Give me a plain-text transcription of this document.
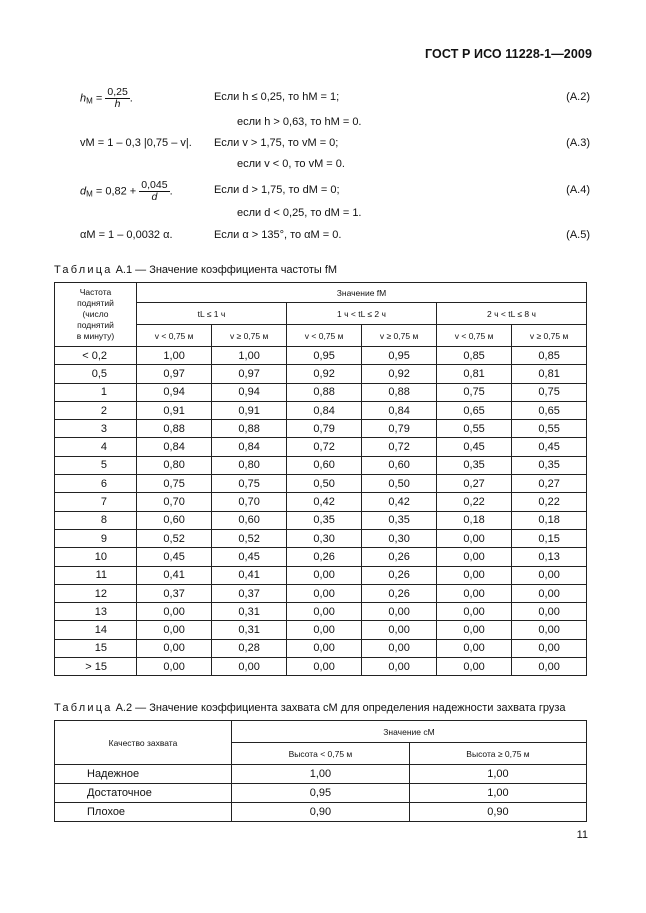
ГОСТ Р ИСО 11228-1—2009
$h_M = \frac{0,25}{h}$ .	Если h ≤ 0,25, то hM = 1;	(А.2)
если h > 0,63, то hM = 0.
vM = 1 – 0,3 |0,75 – v|. Если v > 1,75, то vM = 0;	(А.3)
если v < 0, то vM = 0.
$d_M = 0,82 + \frac{0,045}{d}$ .	Если d > 1,75, то dM = 0;	(А.4)
если d < 0,25, то dM = 1.
αM = 1 – 0,0032 α.	Если α > 135°, то αM = 0.	(А.5)
Таблица А.1 — Значение коэффициента частоты fM
Частота
поднятий
(число
поднятий
в минуту)	Значение fM					
	tL ≤ 1 ч		1 ч < tL ≤ 2 ч		2 ч < tL ≤ 8 ч	
	v < 0,75 м	v ≥ 0,75 м	v < 0,75 м	v ≥ 0,75 м	v < 0,75 м	v ≥ 0,75 м
< 0,2	1,00	1,00	0,95	0,95	0,85	0,85
0,5	0,97	0,97	0,92	0,92	0,81	0,81
1	0,94	0,94	0,88	0,88	0,75	0,75
2	0,91	0,91	0,84	0,84	0,65	0,65
3	0,88	0,88	0,79	0,79	0,55	0,55
4	0,84	0,84	0,72	0,72	0,45	0,45
5	0,80	0,80	0,60	0,60	0,35	0,35
6	0,75	0,75	0,50	0,50	0,27	0,27
7	0,70	0,70	0,42	0,42	0,22	0,22
8	0,60	0,60	0,35	0,35	0,18	0,18
9	0,52	0,52	0,30	0,30	0,00	0,15
10	0,45	0,45	0,26	0,26	0,00	0,13
11	0,41	0,41	0,00	0,26	0,00	0,00
12	0,37	0,37	0,00	0,26	0,00	0,00
13	0,00	0,31	0,00	0,00	0,00	0,00
14	0,00	0,31	0,00	0,00	0,00	0,00
15	0,00	0,28	0,00	0,00	0,00	0,00
> 15	0,00	0,00	0,00	0,00	0,00	0,00
Таблица А.2 — Значение коэффициента захвата cM для определения надежности захвата груза
Качество захвата	Значение cM	
	Высота < 0,75 м	Высота ≥ 0,75 м
Надежное	1,00	1,00
Достаточное	0,95	1,00
Плохое	0,90	0,90
11
